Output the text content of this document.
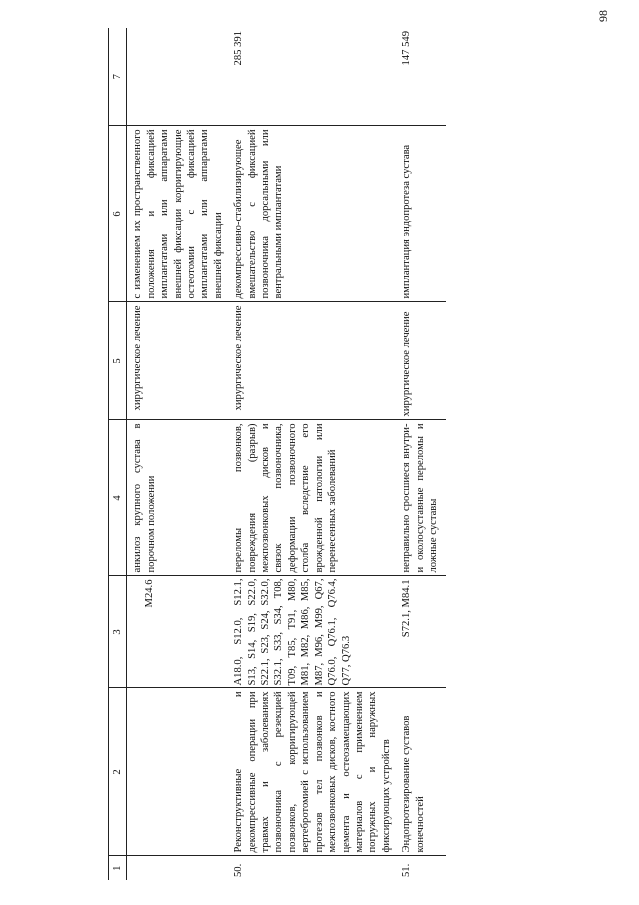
98
1	2	3	4	5	6	7
		M24.6	анкилоз крупного сустава в порочном положении	хирургическое лечение	с изменением их пространственного положения и фиксацией имплантатами или аппаратами внешней фиксации корригирующие остеотомии с фиксацией имплантатами или аппаратами внешней фиксации	
50.	Реконструктивные и декомпрессивные операции при травмах и заболеваниях позвоночника с резекцией позвонков, корригирующей вертебротомией с использованием протезов тел позвонков и межпозвонковых дисков, костного цемента и остеозамещающих материалов с применением погружных и наружных фиксирующих устройств	A18.0, S12.0, S12.1, S13, S14, S19, S22.0, S22.1, S23, S24, S32.0, S32.1, S33, S34, T08, T09, T85, T91, M80, M81, M82, M86, M85, M87, M96, M99, Q67, Q76.0, Q76.1, Q76.4, Q77, Q76.3	переломы позвонков, повреждения (разрыв) межпозвонковых дисков и связок позвоночника, деформации позвоночного столба вследствие его врожденной патологии или перенесенных заболеваний	хирургическое лечение	декомпрессивно-стабилизирующее вмешательство с фиксацией позвоночника дорсальными или вентральными имплантатами	285 391
51.	Эндопротезирование суставов конечностей	S72.1, M84.1	неправильно сросшиеся внутри- и околосуставные переломы и ложные суставы	хирургическое лечение	имплантация эндопротеза сустава	147 549
